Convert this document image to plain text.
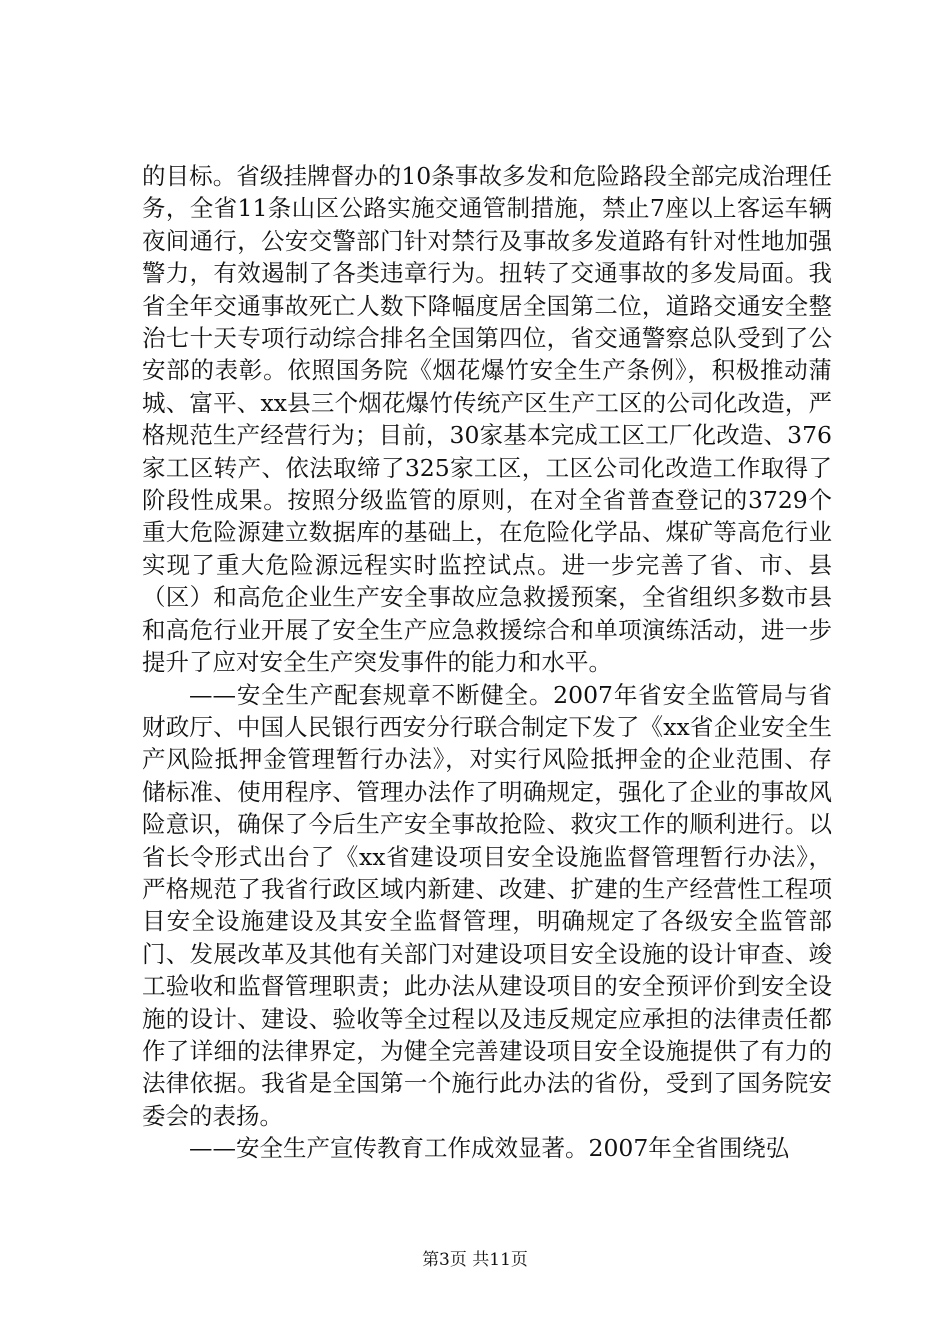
的目标。省级挂牌督办的10条事故多发和危险路段全部完成治理任务，全省11条山区公路实施交通管制措施，禁止7座以上客运车辆夜间通行，公安交警部门针对禁行及事故多发道路有针对性地加强警力，有效遏制了各类违章行为。扭转了交通事故的多发局面。我省全年交通事故死亡人数下降幅度居全国第二位，道路交通安全整治七十天专项行动综合排名全国第四位，省交通警察总队受到了公安部的表彰。依照国务院《烟花爆竹安全生产条例》，积极推动蒲城、富平、xx县三个烟花爆竹传统产区生产工区的公司化改造，严格规范生产经营行为；目前，30家基本完成工区工厂化改造、376家工区转产、依法取缔了325家工区，工区公司化改造工作取得了阶段性成果。按照分级监管的原则，在对全省普查登记的3729个重大危险源建立数据库的基础上，在危险化学品、煤矿等高危行业实现了重大危险源远程实时监控试点。进一步完善了省、市、县（区）和高危企业生产安全事故应急救援预案，全省组织多数市县和高危行业开展了安全生产应急救援综合和单项演练活动，进一步提升了应对安全生产突发事件的能力和水平。

——安全生产配套规章不断健全。2007年省安全监管局与省财政厅、中国人民银行西安分行联合制定下发了《xx省企业安全生产风险抵押金管理暂行办法》，对实行风险抵押金的企业范围、存储标准、使用程序、管理办法作了明确规定，强化了企业的事故风险意识，确保了今后生产安全事故抢险、救灾工作的顺利进行。以省长令形式出台了《xx省建设项目安全设施监督管理暂行办法》，严格规范了我省行政区域内新建、改建、扩建的生产经营性工程项目安全设施建设及其安全监督管理，明确规定了各级安全监管部门、发展改革及其他有关部门对建设项目安全设施的设计审查、竣工验收和监督管理职责；此办法从建设项目的安全预评价到安全设施的设计、建设、验收等全过程以及违反规定应承担的法律责任都作了详细的法律界定，为健全完善建设项目安全设施提供了有力的法律依据。我省是全国第一个施行此办法的省份，受到了国务院安委会的表扬。

——安全生产宣传教育工作成效显著。2007年全省围绕弘

第3页 共11页
